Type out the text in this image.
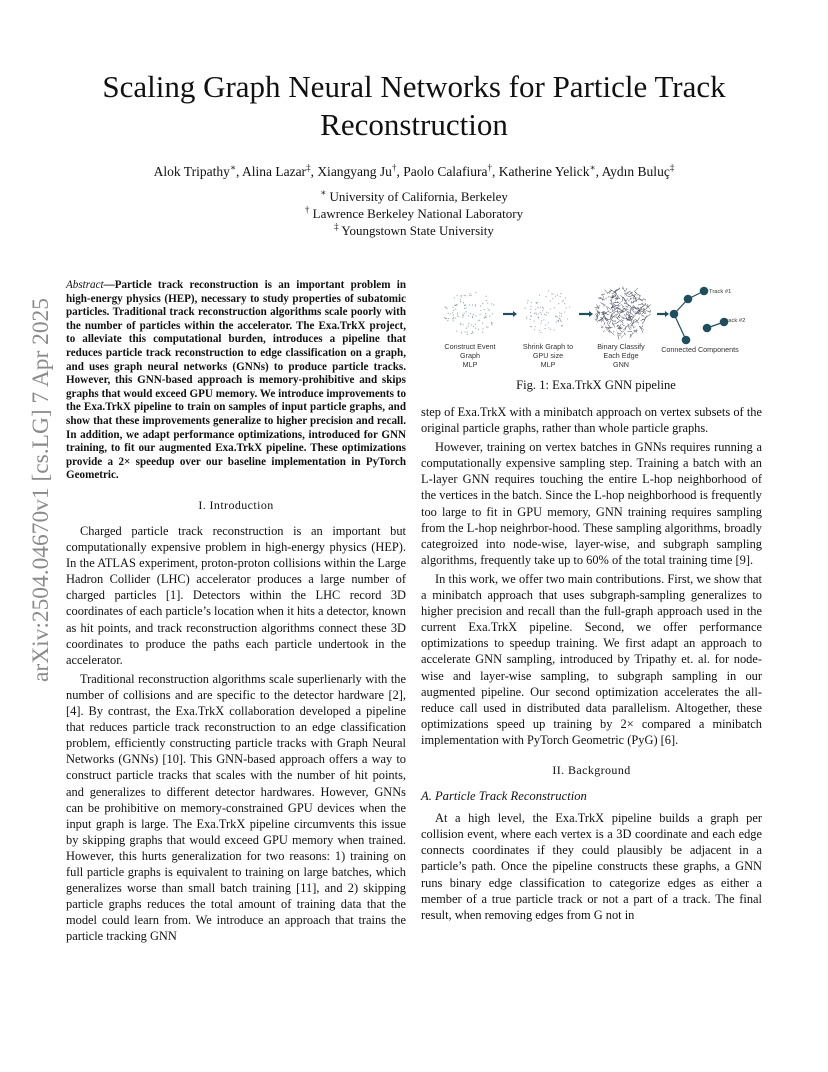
arXiv:2504.04670v1 [cs.LG] 7 Apr 2025
Scaling Graph Neural Networks for Particle Track Reconstruction
Alok Tripathy∗, Alina Lazar‡, Xiangyang Ju†, Paolo Calafiura†, Katherine Yelick∗, Aydın Buluç‡
∗ University of California, Berkeley
† Lawrence Berkeley National Laboratory
‡ Youngstown State University

Abstract—Particle track reconstruction is an important problem in high-energy physics (HEP), necessary to study properties of subatomic particles. Traditional track reconstruction algorithms scale poorly with the number of particles within the accelerator. The Exa.TrkX project, to alleviate this computational burden, introduces a pipeline that reduces particle track reconstruction to edge classification on a graph, and uses graph neural networks (GNNs) to produce particle tracks. However, this GNN-based approach is memory-prohibitive and skips graphs that would exceed GPU memory. We introduce improvements to the Exa.TrkX pipeline to train on samples of input particle graphs, and show that these improvements generalize to higher precision and recall. In addition, we adapt performance optimizations, introduced for GNN training, to fit our augmented Exa.TrkX pipeline. These optimizations provide a 2× speedup over our baseline implementation in PyTorch Geometric.

I. Introduction

Charged particle track reconstruction is an important but computationally expensive problem in high-energy physics (HEP). In the ATLAS experiment, proton-proton collisions within the Large Hadron Collider (LHC) accelerator produces a large number of charged particles [1]. Detectors within the LHC record 3D coordinates of each particle’s location when it hits a detector, known as hit points, and track reconstruction algorithms connect these 3D coordinates to produce the paths each particle undertook in the accelerator.

Traditional reconstruction algorithms scale superlienarly with the number of collisions and are specific to the detector hardware [2], [4]. By contrast, the Exa.TrkX collaboration developed a pipeline that reduces particle track reconstruction to an edge classification problem, efficiently constructing particle tracks with Graph Neural Networks (GNNs) [10]. This GNN-based approach offers a way to construct particle tracks that scales with the number of hit points, and generalizes to different detector hardwares. However, GNNs can be prohibitive on memory-constrained GPU devices when the input graph is large. The Exa.TrkX pipeline circumvents this issue by skipping graphs that would exceed GPU memory when trained. However, this hurts generalization for two reasons: 1) training on full particle graphs is equivalent to training on large batches, which generalizes worse than small batch training [11], and 2) skipping particle graphs reduces the total amount of training data that the model could learn from. We introduce an approach that trains the particle tracking GNN

Track #1
Track #2
Construct Event
Graph
MLP
Shrink Graph to
GPU size
MLP
Binary Classify
Each Edge
GNN
Connected Components
Fig. 1: Exa.TrkX GNN pipeline

step of Exa.TrkX with a minibatch approach on vertex subsets of the original particle graphs, rather than whole particle graphs.

However, training on vertex batches in GNNs requires running a computationally expensive sampling step. Training a batch with an L-layer GNN requires touching the entire L-hop neighborhood of the vertices in the batch. Since the L-hop neighborhood is frequently too large to fit in GPU memory, GNN training requires sampling from the L-hop neighrbor-hood. These sampling algorithms, broadly categroized into node-wise, layer-wise, and subgraph sampling algorithms, frequently take up to 60% of the total training time [9].

In this work, we offer two main contributions. First, we show that a minibatch approach that uses subgraph-sampling generalizes to higher precision and recall than the full-graph approach used in the current Exa.TrkX pipeline. Second, we offer performance optimizations to speedup training. We first adapt an approach to accelerate GNN sampling, introduced by Tripathy et. al. for node-wise and layer-wise sampling, to subgraph sampling in our augmented pipeline. Our second optimization accelerates the all-reduce call used in distributed data parallelism. Altogether, these optimizations speed up training by 2× compared a minibatch implementation with PyTorch Geometric (PyG) [6].

II. Background
A. Particle Track Reconstruction

At a high level, the Exa.TrkX pipeline builds a graph per collision event, where each vertex is a 3D coordinate and each edge connects coordinates if they could plausibly be adjacent in a particle’s path. Once the pipeline constructs these graphs, a GNN runs binary edge classification to categorize edges as either a member of a true particle track or not a part of a track. The final result, when removing edges from G not in
